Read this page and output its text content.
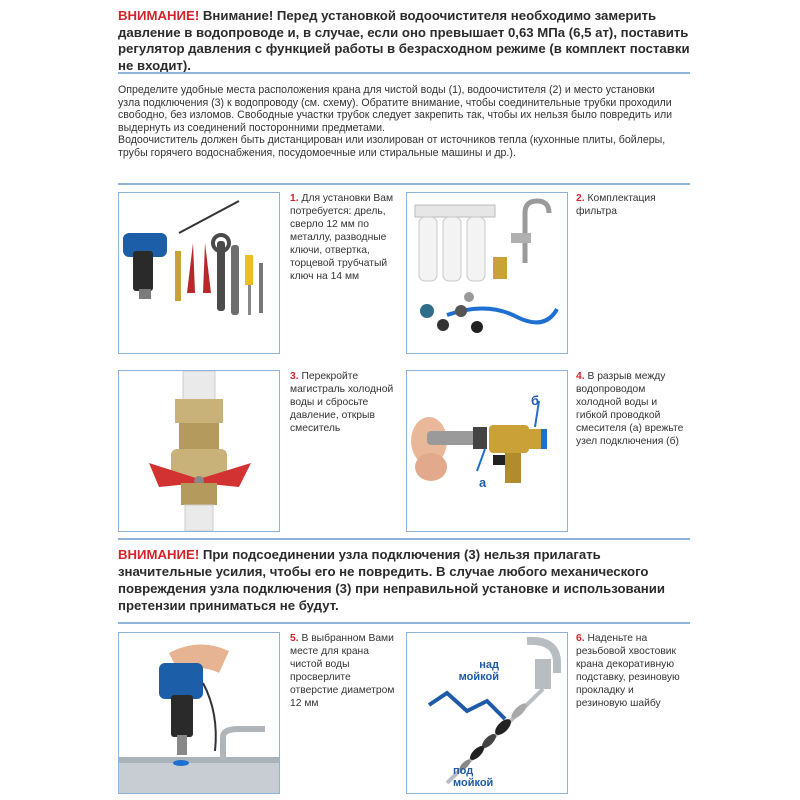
ВНИМАНИЕ! Внимание! Перед установкой водоочистителя необходимо замерить давление в водопроводе и, в случае, если оно превышает 0,63 МПа (6,5 ат), поставить регулятор давления с функцией работы в безрасходном режиме (в комплект поставки не входит).
Определите удобные места расположения крана для чистой воды (1), водоочистителя (2) и место установки узла подключения (3) к водопроводу (см. схему). Обратите внимание, чтобы соединительные трубки проходили свободно, без изломов. Свободные участки трубок следует закрепить так, чтобы их нельзя было повредить или выдернуть из соединений посторонними предметами.
Водоочиститель должен быть дистанцирован или изолирован от источников тепла (кухонные плиты, бойлеры, трубы горячего водоснабжения, посудомоечные или стиральные машины и др.).
1. Для установки Вам потребуется: дрель, сверло 12 мм по металлу, разводные ключи, отвертка, торцевой трубчатый ключ на 14 мм
2. Комплектация фильтра
3. Перекройте магистраль холодной воды и сбросьте давление, открыв смеситель
а
б
4. В разрыв между водопроводом холодной воды и гибкой проводкой смесителя (а) врежьте узел подключения (б)
ВНИМАНИЕ! При подсоединении узла подключения (3) нельзя прилагать значительные усилия, чтобы его не повредить. В случае любого механического повреждения узла подключения (3) при неправильной установке и использовании претензии приниматься не будут.
5. В выбранном Вами месте для крана чистой воды просверлите отверстие диаметром 12 мм
над
мойкой
под
мойкой
6. Наденьте на резьбовой хвостовик крана декоративную подставку, резиновую прокладку и резиновую шайбу
